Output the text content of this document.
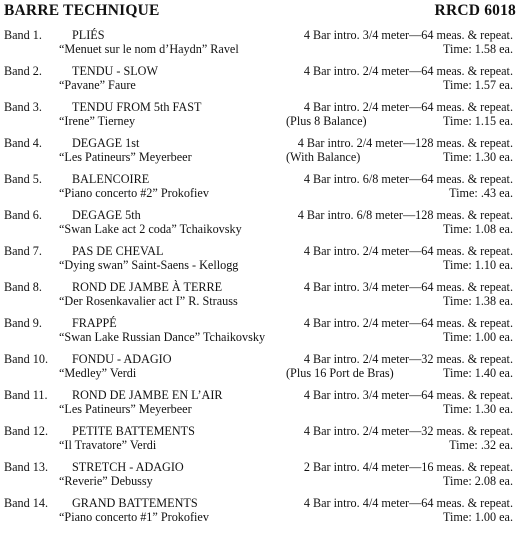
BARRE TECHNIQUE	RRCD 6018
Band 1.	PLIÉS
“Menuet sur le nom d’Haydn” Ravel
4 Bar intro. 3/4 meter—64 meas. & repeat.
Time: 1.58 ea.
Band 2.	TENDU - SLOW
“Pavane” Faure
4 Bar intro. 2/4 meter—64 meas. & repeat.
Time: 1.57 ea.
Band 3.	TENDU FROM 5th FAST
“Irene” Tierney
4 Bar intro. 2/4 meter—64 meas. & repeat.
(Plus 8 Balance)	Time: 1.15 ea.
Band 4.	DEGAGE 1st
“Les Patineurs” Meyerbeer
4 Bar intro. 2/4 meter—128 meas. & repeat.
(With Balance)	Time: 1.30 ea.
Band 5.	BALENCOIRE
“Piano concerto #2” Prokofiev
4 Bar intro. 6/8 meter—64 meas. & repeat.
Time: .43 ea.
Band 6.	DEGAGE 5th
“Swan Lake act 2 coda” Tchaikovsky
4 Bar intro. 6/8 meter—128 meas. & repeat.
Time: 1.08 ea.
Band 7.	PAS DE CHEVAL
“Dying swan” Saint-Saens - Kellogg
4 Bar intro. 2/4 meter—64 meas. & repeat.
Time: 1.10 ea.
Band 8.	ROND DE JAMBE À TERRE
“Der Rosenkavalier act I” R. Strauss
4 Bar intro. 3/4 meter—64 meas. & repeat.
Time: 1.38 ea.
Band 9.	FRAPPÉ
“Swan Lake Russian Dance” Tchaikovsky
4 Bar intro. 2/4 meter—64 meas. & repeat.
Time: 1.00 ea.
Band 10.	FONDU - ADAGIO
“Medley” Verdi
4 Bar intro. 2/4 meter—32 meas. & repeat.
(Plus 16 Port de Bras)	Time: 1.40 ea.
Band 11.	ROND DE JAMBE EN L’AIR
“Les Patineurs” Meyerbeer
4 Bar intro. 3/4 meter—64 meas. & repeat.
Time: 1.30 ea.
Band 12.	PETITE BATTEMENTS
“Il Travatore” Verdi
4 Bar intro. 2/4 meter—32 meas. & repeat.
Time: .32 ea.
Band 13.	STRETCH - ADAGIO
“Reverie” Debussy
2 Bar intro. 4/4 meter—16 meas. & repeat.
Time: 2.08 ea.
Band 14.	GRAND BATTEMENTS
“Piano concerto #1” Prokofiev
4 Bar intro. 4/4 meter—64 meas. & repeat.
Time: 1.00 ea.
